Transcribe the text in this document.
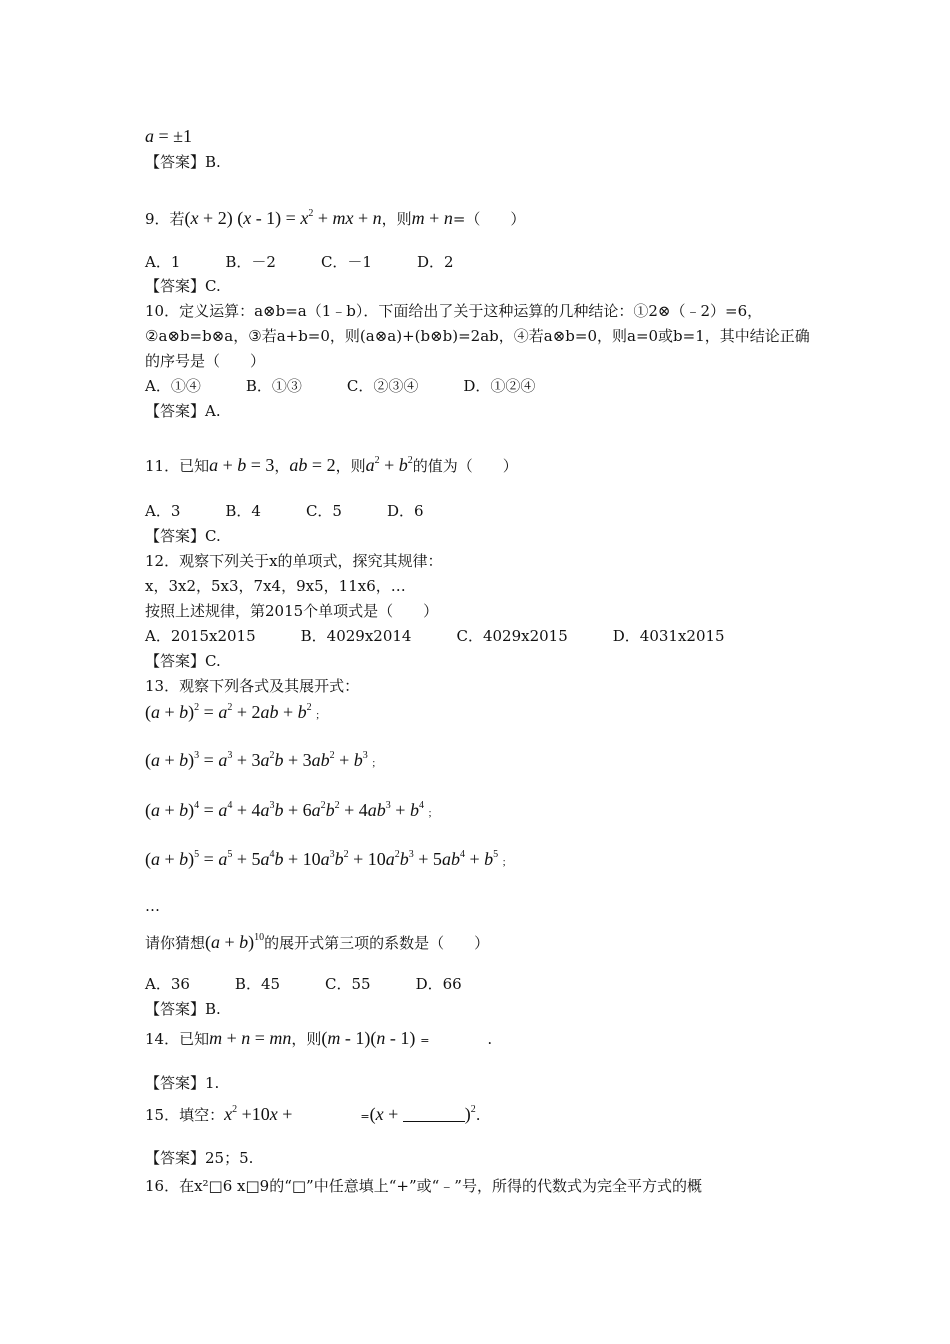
a = ±1
【答案】B.
9．若(x + 2) $(x - 1) = x^2$ + mx + n，则m + n=（　　）
A．1　　　B．－2　　　C．－1　　　D．2
【答案】C.
10．定义运算：a⊗b=a（1﹣b）．下面给出了关于这种运算的几种结论：①2⊗（﹣2）=6，
②a⊗b=b⊗a，③若a+b=0，则(a⊗a)+(b⊗b)=2ab，④若a⊗b=0，则a=0或b=1，其中结论正确
的序号是（　　）
A．①④　　　B．①③　　　C．②③④　　　D．①②④
【答案】A.
11．已知a + b = 3，ab = 2，则$a^2 + b^2$的值为（　　）
A．3　　　B．4　　　C．5　　　D．6
【答案】C.
12．观察下列关于x的单项式，探究其规律：
x，3x2，5x3，7x4，9x5，11x6，…
按照上述规律，第2015个单项式是（　　）
A．2015x2015　　　B．4029x2014　　　C．4029x2015　　　D．4031x2015
【答案】C.
13．观察下列各式及其展开式：
$(a + b)^2 = a^2 + 2ab + b^2$ ;
$(a + b)^3 = a^3 + 3a^2b + 3ab^2 + b^3$ ;
$(a + b)^4 = a^4 + 4a^3b + 6a^2b^2 + 4ab^3 + b^4$ ;
$(a + b)^5 = a^5 + 5a^4b + 10a^3b^2 + 10a^2b^3 + 5ab^4 + b^5$ ;
…
请你猜想$(a + b)^{10}$的展开式第三项的系数是（　　）
A．36　　　B．45　　　C．55　　　D．66
【答案】B.
14．已知m + n = mn，则(m - 1)(n - 1) =	.
【答案】1.
15．填空：$x^2 +10x$ +	=(x +	)$^2$.
【答案】25；5.
16．在x²□6 x□9的“□”中任意填上“+”或“﹣”号，所得的代数式为完全平方式的概
